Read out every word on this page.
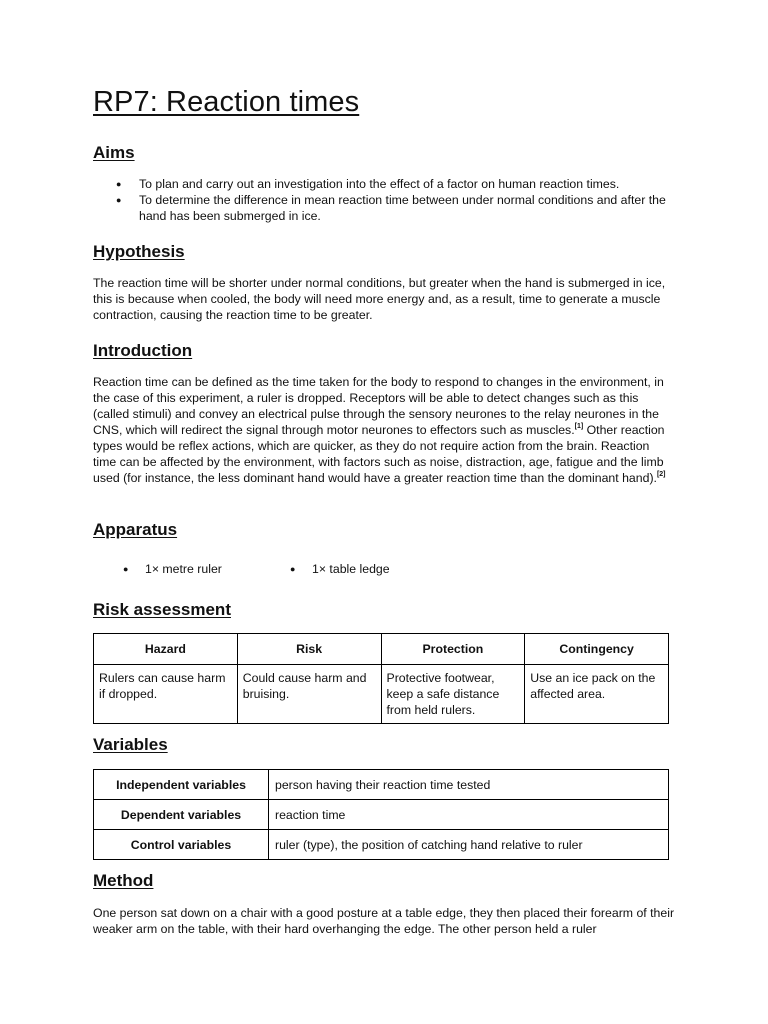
RP7: Reaction times
Aims
● To plan and carry out an investigation into the effect of a factor on human reaction times.
● To determine the difference in mean reaction time between under normal conditions and after the hand has been submerged in ice.
Hypothesis

The reaction time will be shorter under normal conditions, but greater when the hand is submerged in ice, this is because when cooled, the body will need more energy and, as a result, time to generate a muscle contraction, causing the reaction time to be greater.

Introduction

Reaction time can be defined as the time taken for the body to respond to changes in the environment, in the case of this experiment, a ruler is dropped. Receptors will be able to detect changes such as this (called stimuli) and convey an electrical pulse through the sensory neurones to the relay neurones in the CNS, which will redirect the signal through motor neurones to effectors such as muscles.[1] Other reaction types would be reflex actions, which are quicker, as they do not require action from the brain. Reaction time can be affected by the environment, with factors such as noise, distraction, age, fatigue and the limb used (for instance, the less dominant hand would have a greater reaction time than the dominant hand).[2]

Apparatus
● 1× metre ruler	● 1× table ledge
Risk assessment
Hazard	Risk	Protection	Contingency
Rulers can cause harm if dropped.	Could cause harm and bruising.	Protective footwear, keep a safe distance from held rulers.	Use an ice pack on the affected area.
Variables
Independent variables	person having their reaction time tested
Dependent variables	reaction time
Control variables	ruler (type), the position of catching hand relative to ruler
Method

One person sat down on a chair with a good posture at a table edge, they then placed their forearm of their weaker arm on the table, with their hard overhanging the edge. The other person held a ruler
